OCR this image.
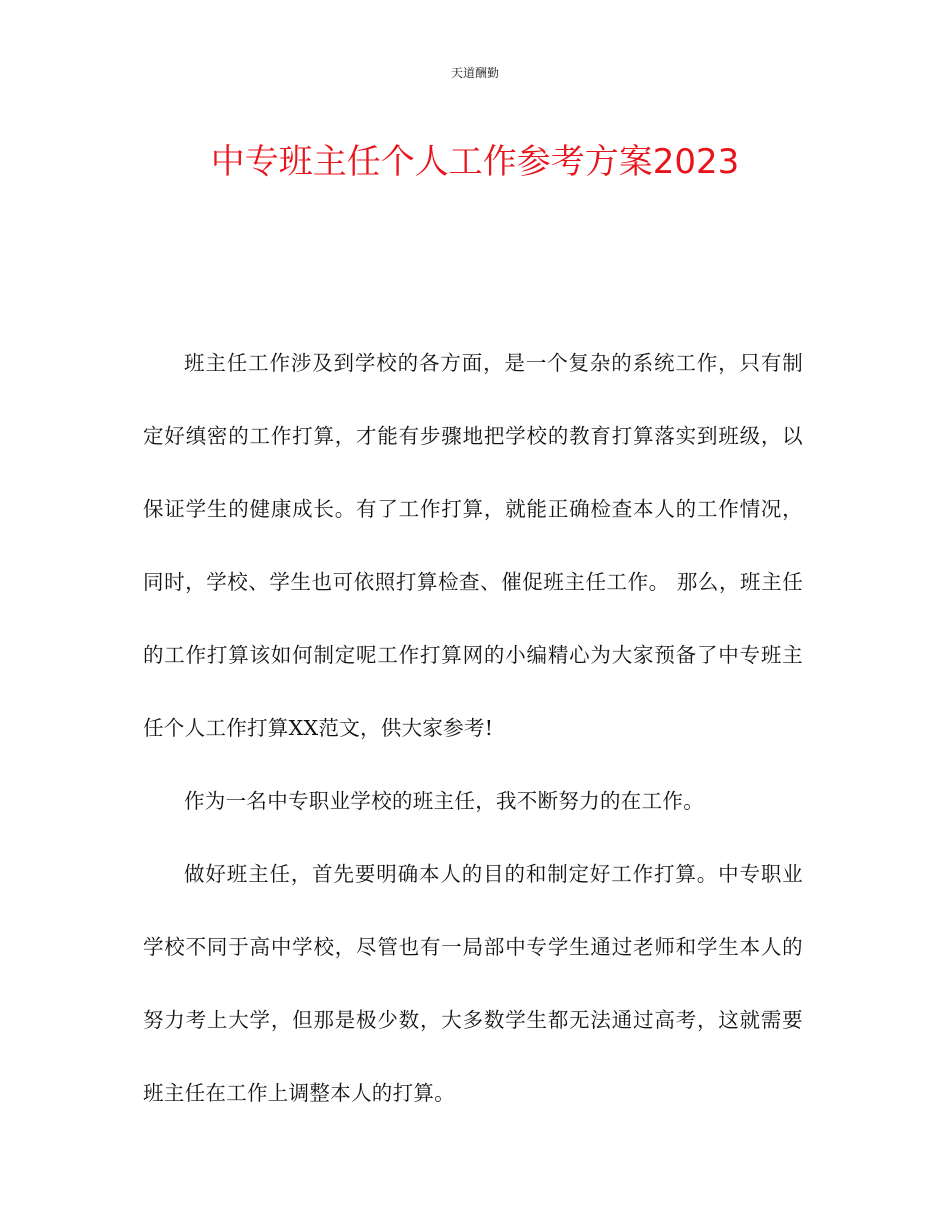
天道酬勤
中专班主任个人工作参考方案2023

班主任工作涉及到学校的各方面，是一个复杂的系统工作，只有制定好缜密的工作打算，才能有步骤地把学校的教育打算落实到班级，以保证学生的健康成长。有了工作打算，就能正确检查本人的工作情况，同时，学校、学生也可依照打算检查、催促班主任工作。 那么，班主任的工作打算该如何制定呢工作打算网的小编精心为大家预备了中专班主任个人工作打算XX范文，供大家参考!

作为一名中专职业学校的班主任，我不断努力的在工作。

做好班主任，首先要明确本人的目的和制定好工作打算。中专职业学校不同于高中学校，尽管也有一局部中专学生通过老师和学生本人的努力考上大学，但那是极少数，大多数学生都无法通过高考，这就需要班主任在工作上调整本人的打算。
